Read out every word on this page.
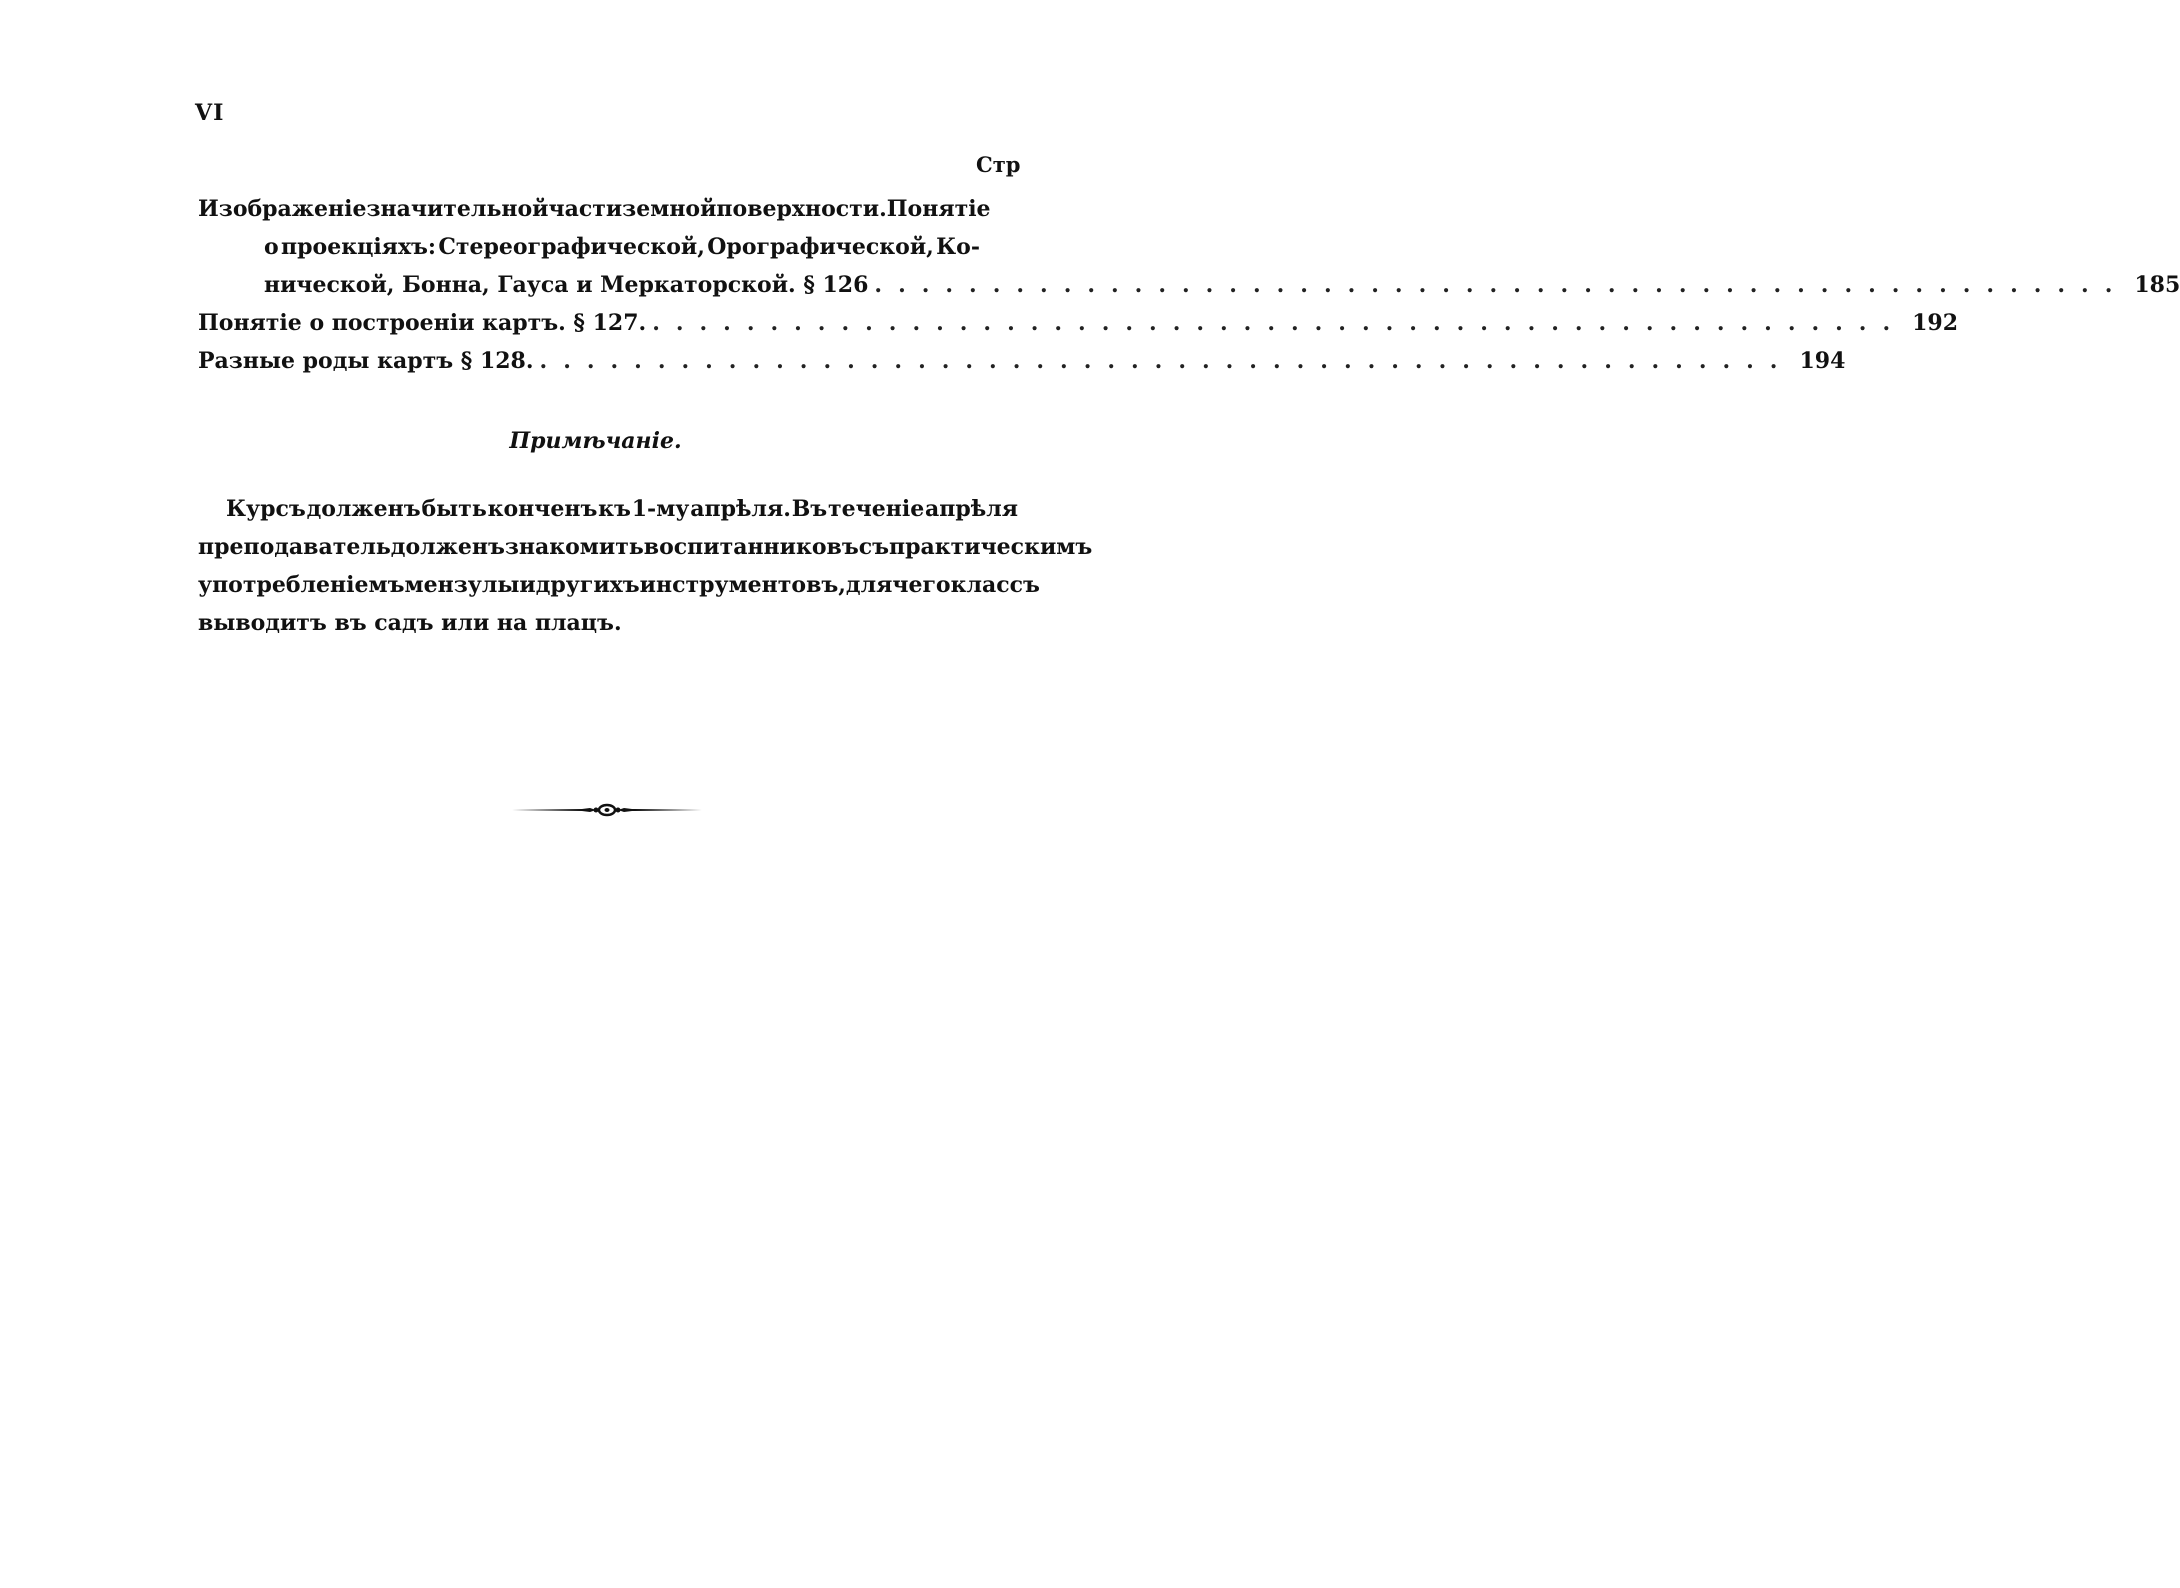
VI
Стр
Изображенiе значительной части земной поверхности. Понятiе
о проекцiяхъ: Стереографической, Орографической, Ко-
нической, Бонна, Гауса и Меркаторской. § 126 ..................................................... 185
Понятiе о построенiи картъ. § 127. ..................................................... 192
Разные роды картъ § 128. ..................................................... 194
Примѣчанiе.
Курсъ долженъ быть конченъ къ 1-му апрѣля. Въ теченiе апрѣля
преподаватель долженъ знакомить воспитанниковъ съ практическимъ
употребленiемъ мензулы и другихъ инструментовъ, для чего классъ
выводитъ въ садъ или на плацъ.
